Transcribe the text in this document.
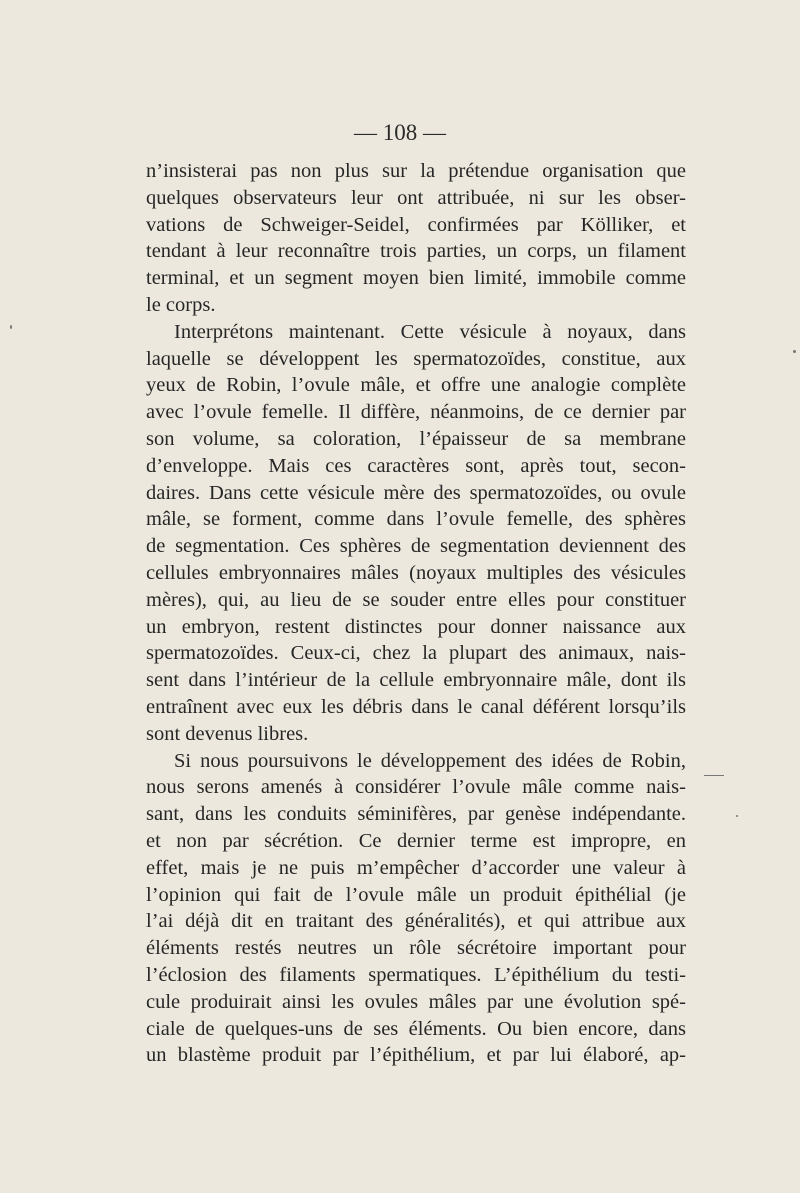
— 108 —
n’insisterai pas non plus sur la prétendue organisation que
quelques observateurs leur ont attribuée, ni sur les obser-
vations de Schweiger-Seidel, confirmées par Kölliker, et
tendant à leur reconnaître trois parties, un corps, un filament
terminal, et un segment moyen bien limité, immobile comme
le corps.
Interprétons maintenant. Cette vésicule à noyaux, dans
laquelle se développent les spermatozoïdes, constitue, aux
yeux de Robin, l’ovule mâle, et offre une analogie complète
avec l’ovule femelle. Il diffère, néanmoins, de ce dernier par
son volume, sa coloration, l’épaisseur de sa membrane
d’enveloppe. Mais ces caractères sont, après tout, secon-
daires. Dans cette vésicule mère des spermatozoïdes, ou ovule
mâle, se forment, comme dans l’ovule femelle, des sphères
de segmentation. Ces sphères de segmentation deviennent des
cellules embryonnaires mâles (noyaux multiples des vésicules
mères), qui, au lieu de se souder entre elles pour constituer
un embryon, restent distinctes pour donner naissance aux
spermatozoïdes. Ceux-ci, chez la plupart des animaux, nais-
sent dans l’intérieur de la cellule embryonnaire mâle, dont ils
entraînent avec eux les débris dans le canal déférent lorsqu’ils
sont devenus libres.
Si nous poursuivons le développement des idées de Robin,
nous serons amenés à considérer l’ovule mâle comme nais-
sant, dans les conduits séminifères, par genèse indépendante.
et non par sécrétion. Ce dernier terme est impropre, en
effet, mais je ne puis m’empêcher d’accorder une valeur à
l’opinion qui fait de l’ovule mâle un produit épithélial (je
l’ai déjà dit en traitant des généralités), et qui attribue aux
éléments restés neutres un rôle sécrétoire important pour
l’éclosion des filaments spermatiques. L’épithélium du testi-
cule produirait ainsi les ovules mâles par une évolution spé-
ciale de quelques-uns de ses éléments. Ou bien encore, dans
un blastème produit par l’épithélium, et par lui élaboré, ap-
